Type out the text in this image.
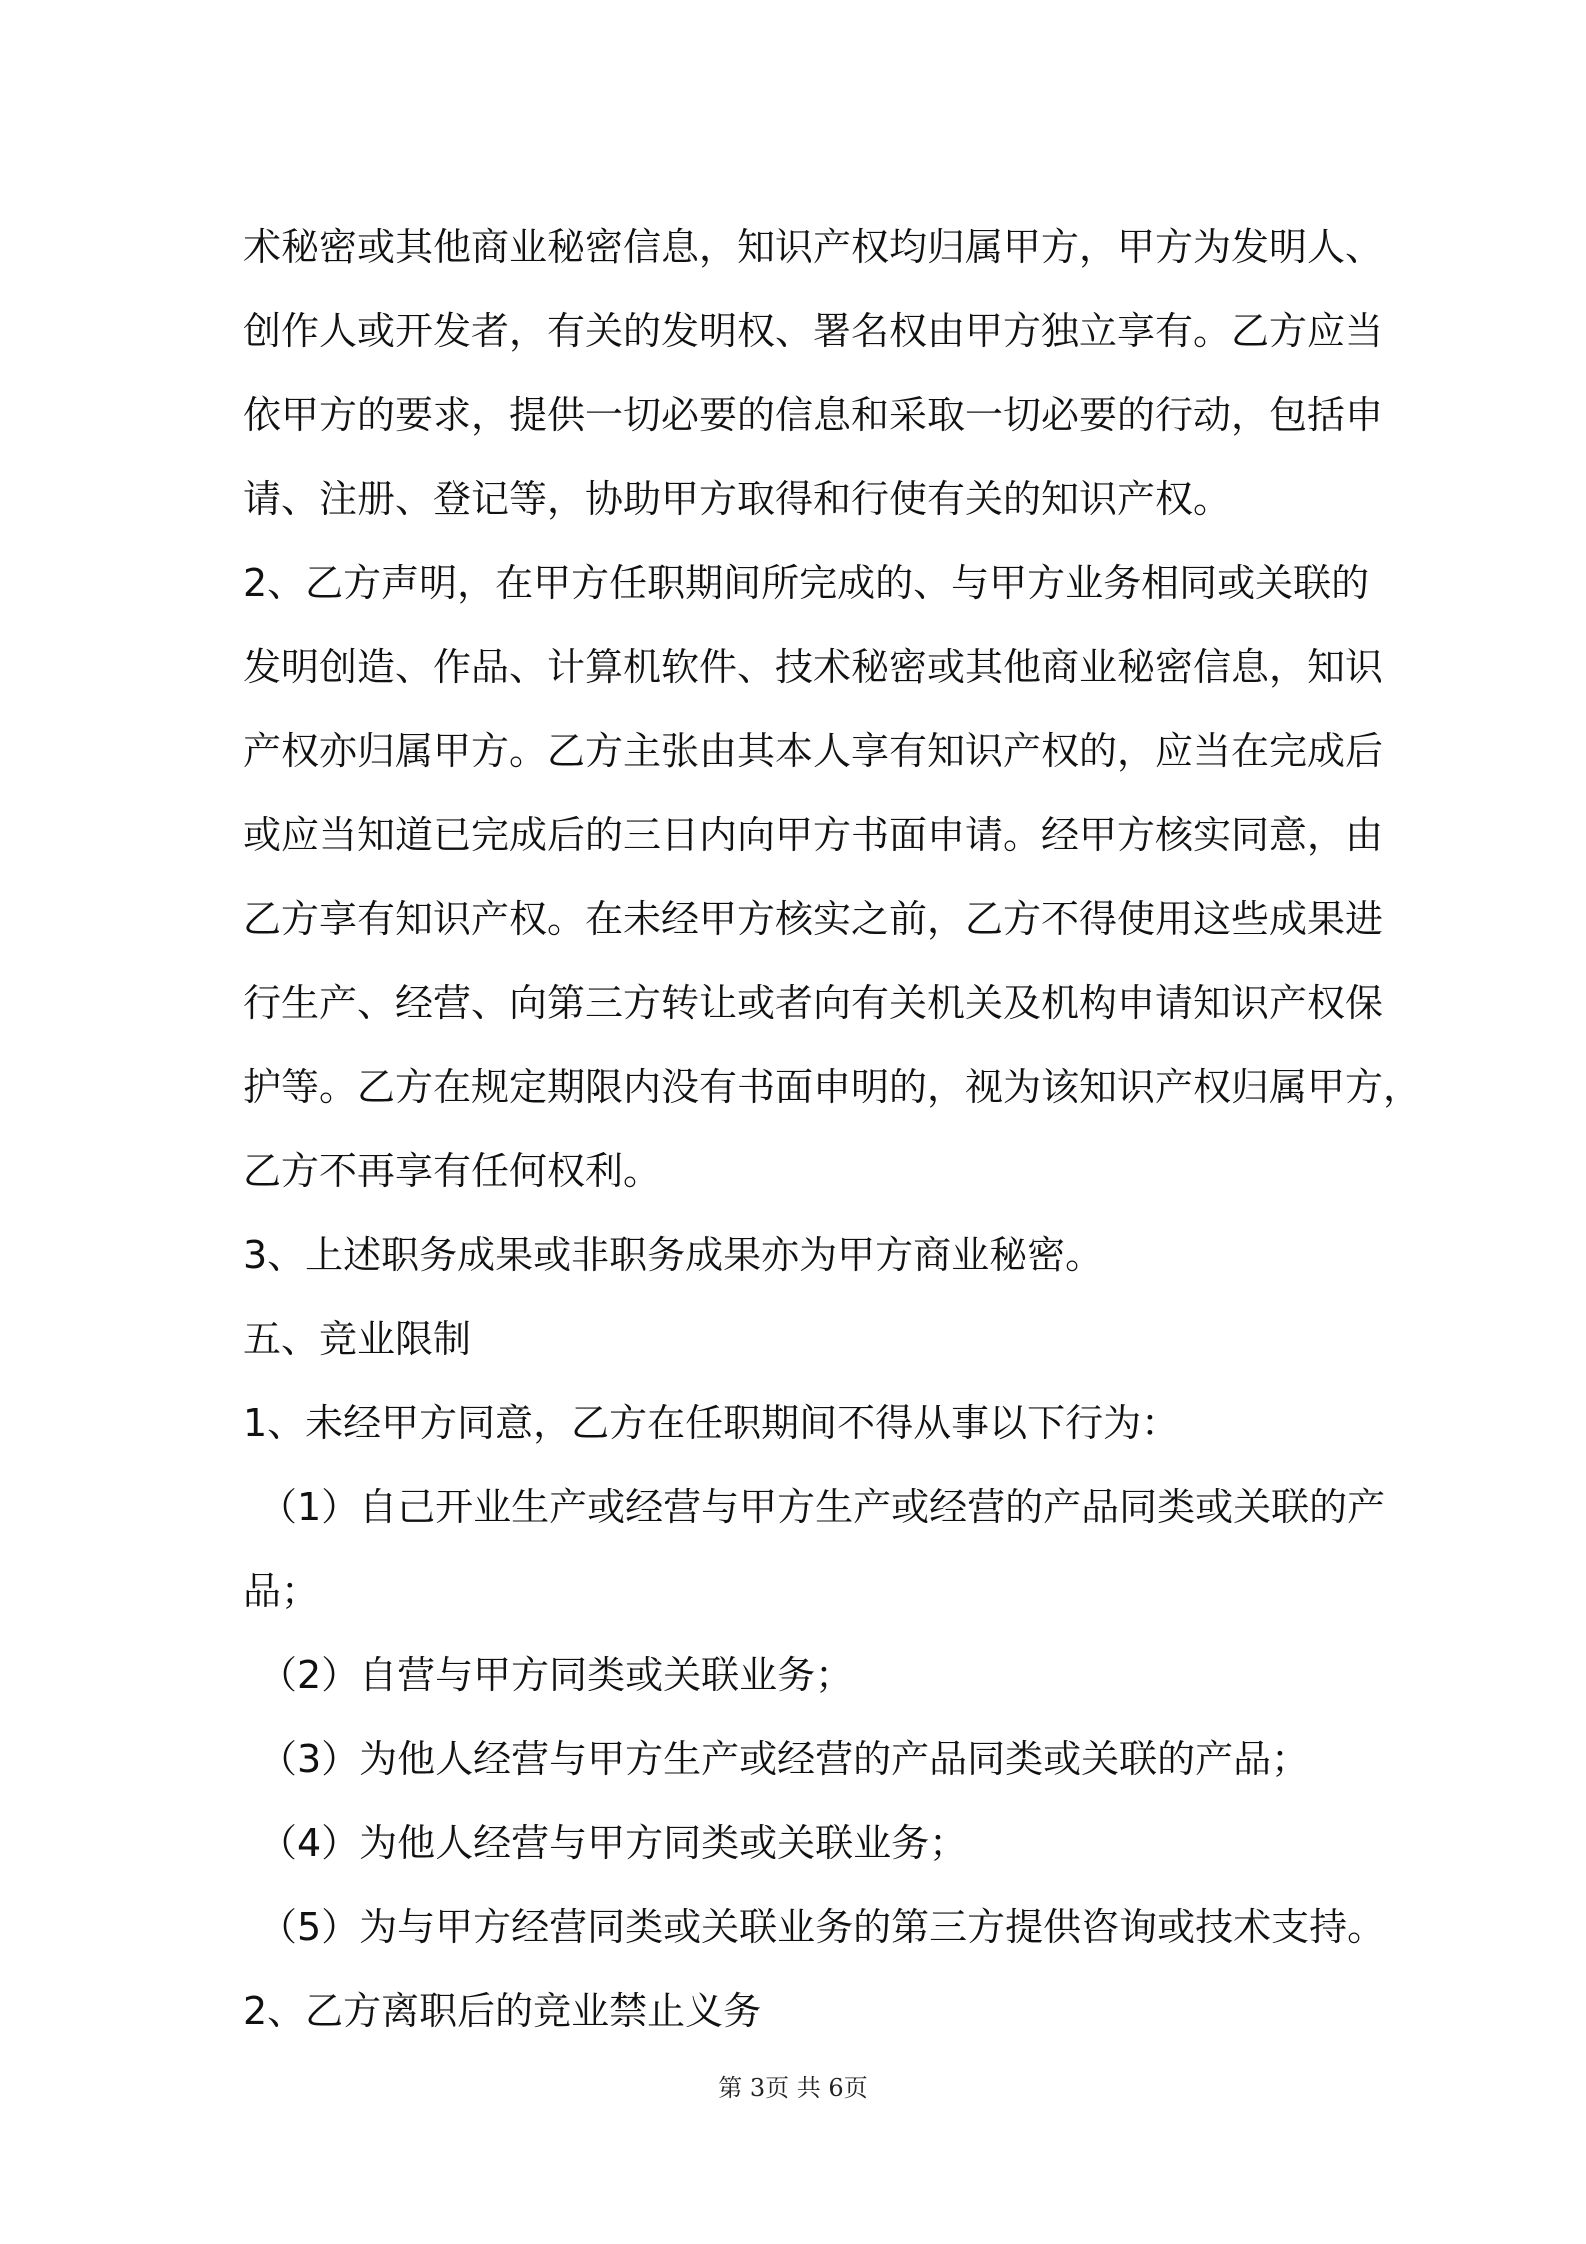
术秘密或其他商业秘密信息，知识产权均归属甲方，甲方为发明人、
创作人或开发者，有关的发明权、署名权由甲方独立享有。乙方应当
依甲方的要求，提供一切必要的信息和采取一切必要的行动，包括申
请、注册、登记等，协助甲方取得和行使有关的知识产权。
2、乙方声明，在甲方任职期间所完成的、与甲方业务相同或关联的
发明创造、作品、计算机软件、技术秘密或其他商业秘密信息，知识
产权亦归属甲方。乙方主张由其本人享有知识产权的，应当在完成后
或应当知道已完成后的三日内向甲方书面申请。经甲方核实同意，由
乙方享有知识产权。在未经甲方核实之前，乙方不得使用这些成果进
行生产、经营、向第三方转让或者向有关机关及机构申请知识产权保
护等。乙方在规定期限内没有书面申明的，视为该知识产权归属甲方，
乙方不再享有任何权利。
3、上述职务成果或非职务成果亦为甲方商业秘密。
五、竞业限制
1、未经甲方同意，乙方在任职期间不得从事以下行为：
（1）自己开业生产或经营与甲方生产或经营的产品同类或关联的产
品；
（2）自营与甲方同类或关联业务；
（3）为他人经营与甲方生产或经营的产品同类或关联的产品；
（4）为他人经营与甲方同类或关联业务；
（5）为与甲方经营同类或关联业务的第三方提供咨询或技术支持。
2、乙方离职后的竞业禁止义务
第 3页 共 6页
